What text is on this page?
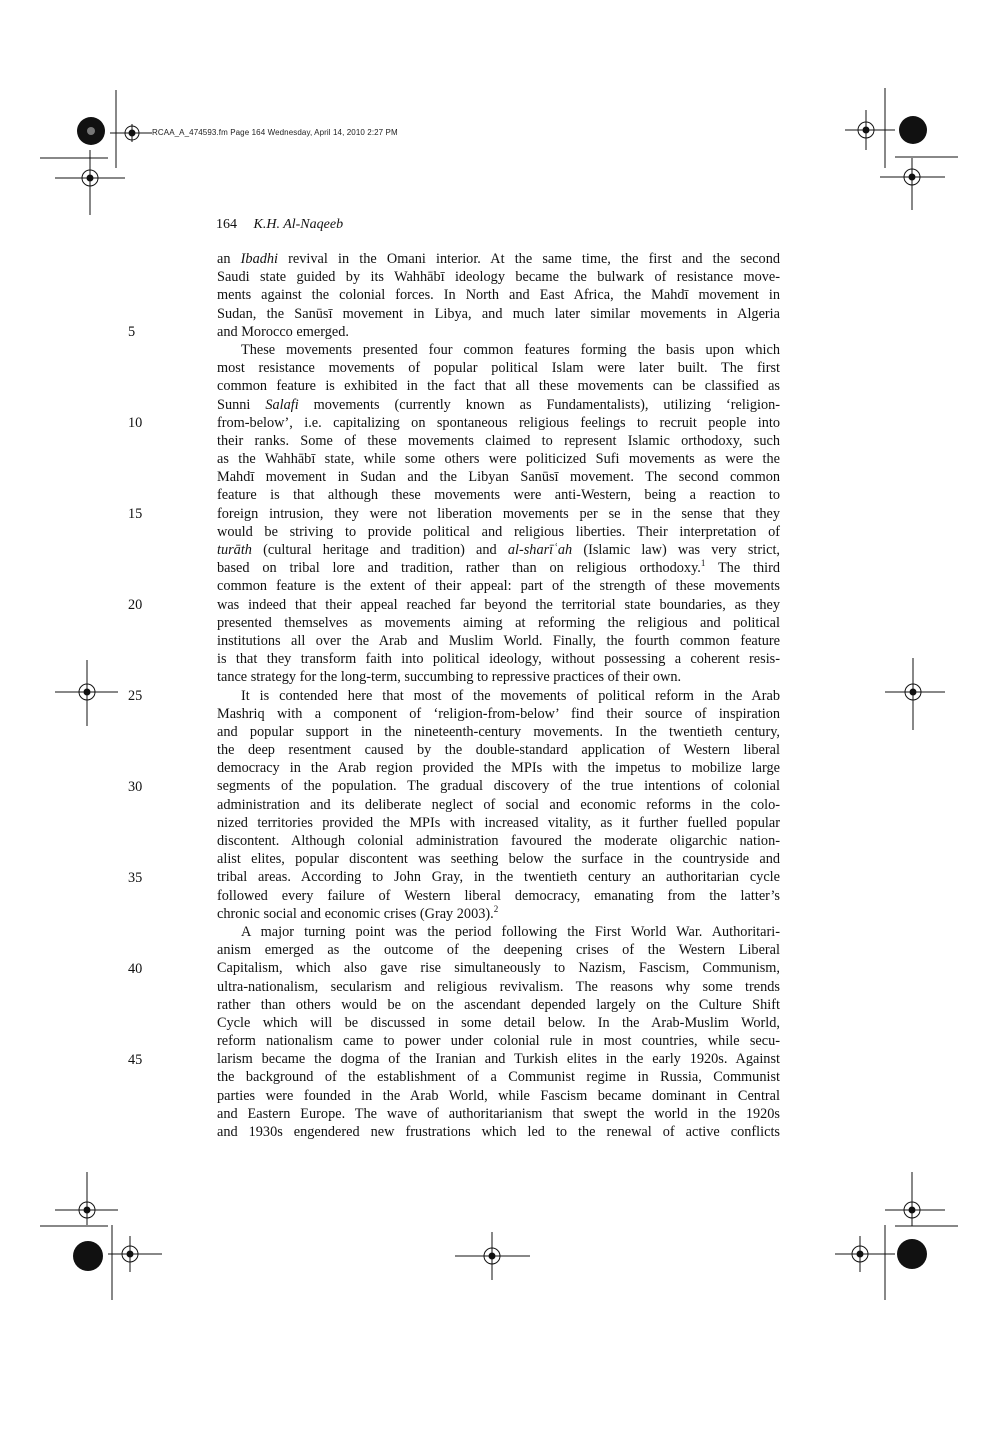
RCAA_A_474593.fm Page 164 Wednesday, April 14, 2010 2:27 PM
164 K.H. Al-Naqeeb
5
10
15
20
25
30
35
40
45
an Ibadhi revival in the Omani interior. At the same time, the first and the second
Saudi state guided by its Wahhābī ideology became the bulwark of resistance move-
ments against the colonial forces. In North and East Africa, the Mahdī movement in
Sudan, the Sanūsī movement in Libya, and much later similar movements in Algeria
and Morocco emerged.
These movements presented four common features forming the basis upon which
most resistance movements of popular political Islam were later built. The first
common feature is exhibited in the fact that all these movements can be classified as
Sunni Salafi movements (currently known as Fundamentalists), utilizing ‘religion-
from-below’, i.e. capitalizing on spontaneous religious feelings to recruit people into
their ranks. Some of these movements claimed to represent Islamic orthodoxy, such
as the Wahhābī state, while some others were politicized Sufi movements as were the
Mahdī movement in Sudan and the Libyan Sanūsī movement. The second common
feature is that although these movements were anti-Western, being a reaction to
foreign intrusion, they were not liberation movements per se in the sense that they
would be striving to provide political and religious liberties. Their interpretation of
turāth (cultural heritage and tradition) and al-sharīʿah (Islamic law) was very strict,
based on tribal lore and tradition, rather than on religious orthodoxy.$^1$ The third
common feature is the extent of their appeal: part of the strength of these movements
was indeed that their appeal reached far beyond the territorial state boundaries, as they
presented themselves as movements aiming at reforming the religious and political
institutions all over the Arab and Muslim World. Finally, the fourth common feature
is that they transform faith into political ideology, without possessing a coherent resis-
tance strategy for the long-term, succumbing to repressive practices of their own.
It is contended here that most of the movements of political reform in the Arab
Mashriq with a component of ‘religion-from-below’ find their source of inspiration
and popular support in the nineteenth-century movements. In the twentieth century,
the deep resentment caused by the double-standard application of Western liberal
democracy in the Arab region provided the MPIs with the impetus to mobilize large
segments of the population. The gradual discovery of the true intentions of colonial
administration and its deliberate neglect of social and economic reforms in the colo-
nized territories provided the MPIs with increased vitality, as it further fuelled popular
discontent. Although colonial administration favoured the moderate oligarchic nation-
alist elites, popular discontent was seething below the surface in the countryside and
tribal areas. According to John Gray, in the twentieth century an authoritarian cycle
followed every failure of Western liberal democracy, emanating from the latter’s
chronic social and economic crises (Gray 2003).$^2$
A major turning point was the period following the First World War. Authoritari-
anism emerged as the outcome of the deepening crises of the Western Liberal
Capitalism, which also gave rise simultaneously to Nazism, Fascism, Communism,
ultra-nationalism, secularism and religious revivalism. The reasons why some trends
rather than others would be on the ascendant depended largely on the Culture Shift
Cycle which will be discussed in some detail below. In the Arab-Muslim World,
reform nationalism came to power under colonial rule in most countries, while secu-
larism became the dogma of the Iranian and Turkish elites in the early 1920s. Against
the background of the establishment of a Communist regime in Russia, Communist
parties were founded in the Arab World, while Fascism became dominant in Central
and Eastern Europe. The wave of authoritarianism that swept the world in the 1920s
and 1930s engendered new frustrations which led to the renewal of active conflicts
